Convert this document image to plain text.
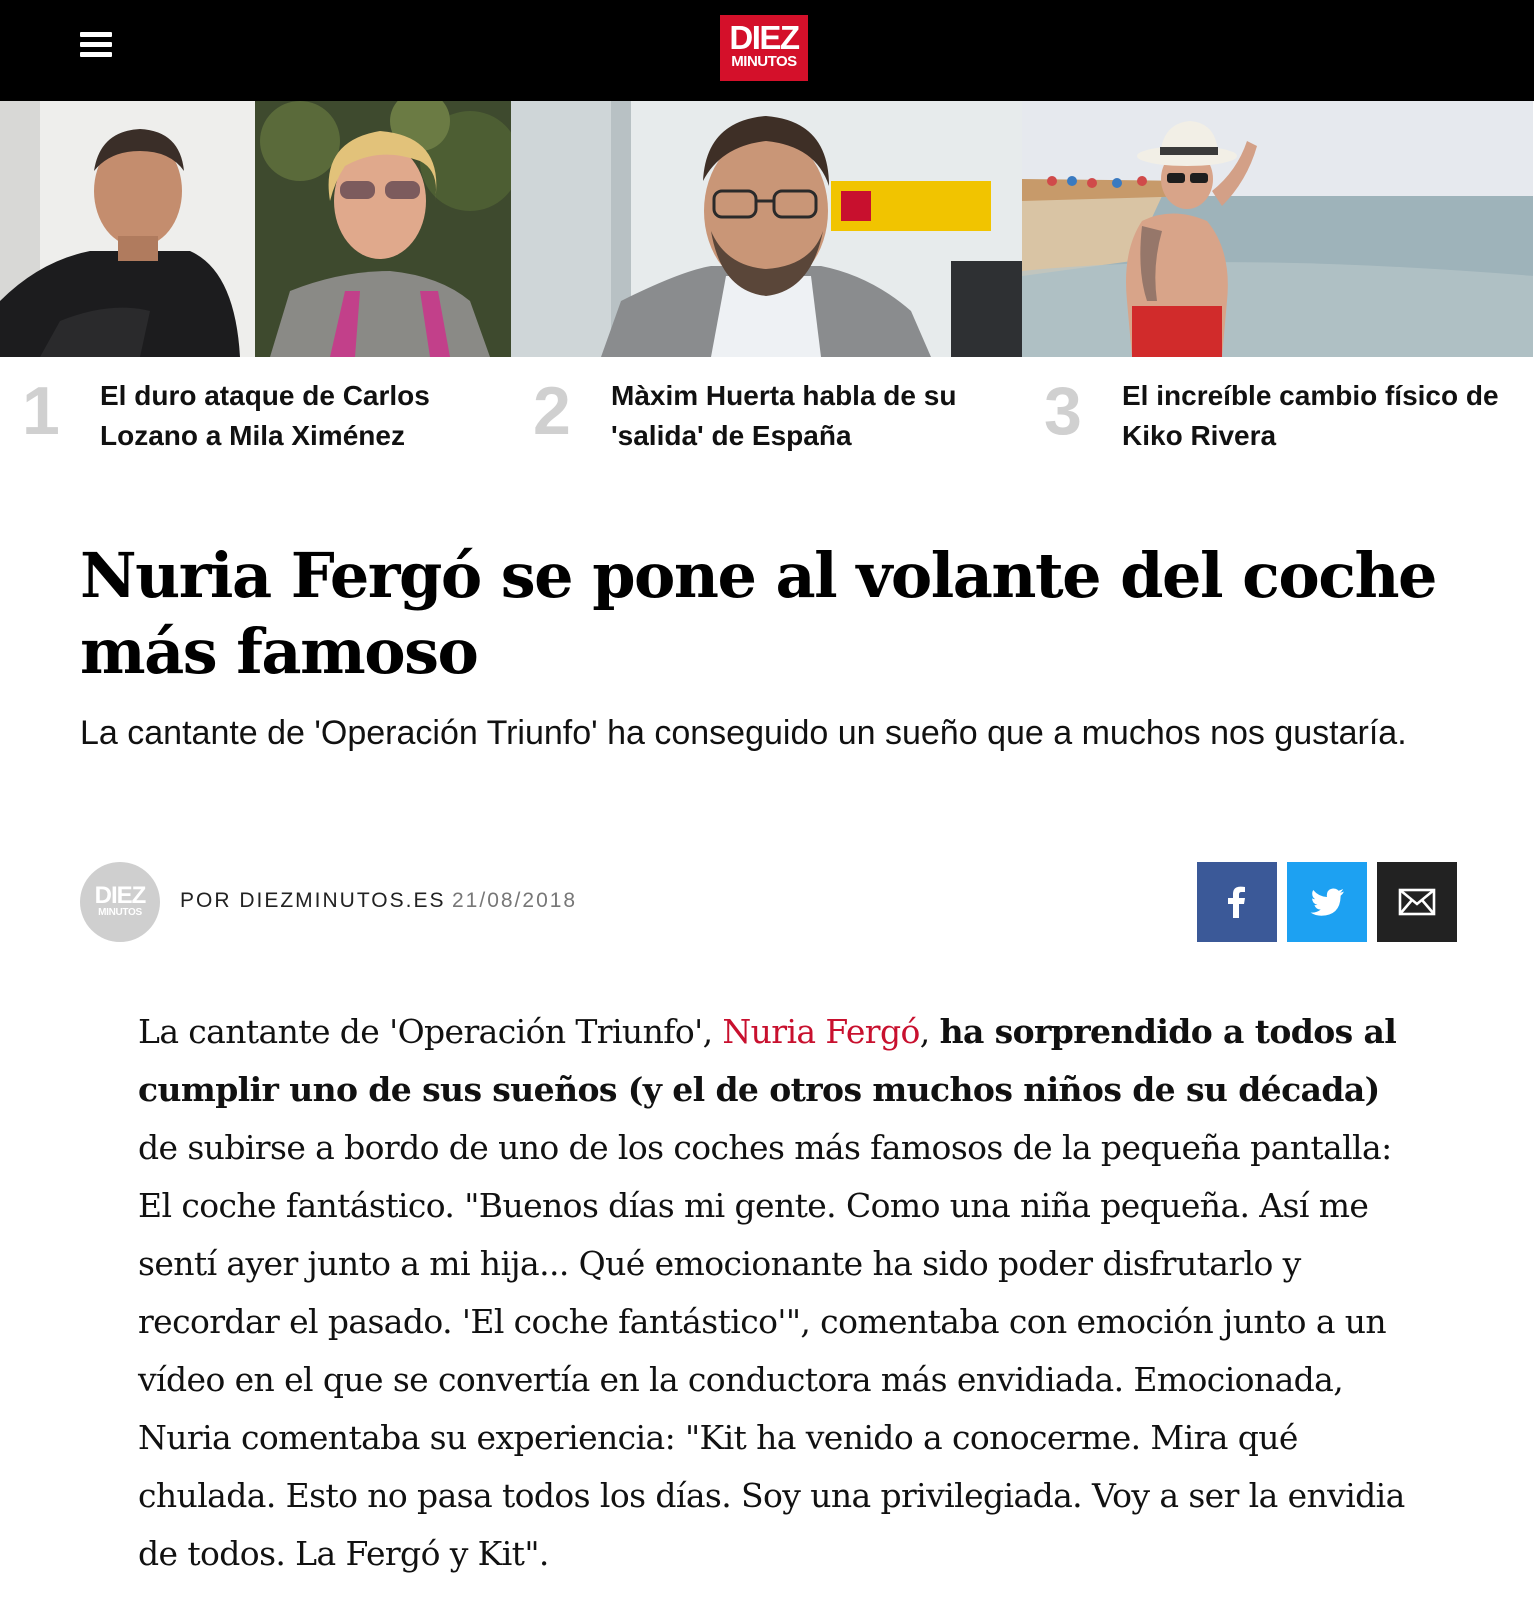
DIEZ
MINUTOS
1 El duro ataque de Carlos Lozano a Mila Ximénez	2 Màxim Huerta habla de su 'salida' de España	3 El increíble cambio físico de Kiko Rivera
Nuria Fergó se pone al volante del coche más famoso

La cantante de 'Operación Triunfo' ha conseguido un sueño que a muchos nos gustaría.

DIEZ
MINUTOS
POR DIEZMINUTOS.ES 21/08/2018
La cantante de 'Operación Triunfo', Nuria Fergó, ha sorprendido a todos al cumplir uno de sus sueños (y el de otros muchos niños de su década) de subirse a bordo de uno de los coches más famosos de la pequeña pantalla: El coche fantástico. "Buenos días mi gente. Como una niña pequeña. Así me sentí ayer junto a mi hija... Qué emocionante ha sido poder disfrutarlo y recordar el pasado. 'El coche fantástico'", comentaba con emoción junto a un vídeo en el que se convertía en la conductora más envidiada. Emocionada, Nuria comentaba su experiencia: "Kit ha venido a conocerme. Mira qué chulada. Esto no pasa todos los días. Soy una privilegiada. Voy a ser la envidia de todos. La Fergó y Kit".
